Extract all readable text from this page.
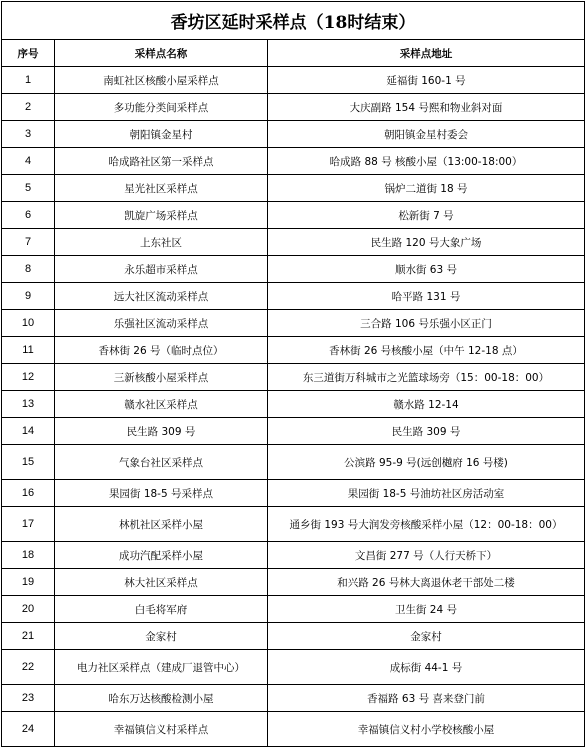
香坊区延时采样点（18时结束）
序号	采样点名称	采样点地址
1	南虹社区核酸小屋采样点	延福街 160-1 号
2	多功能分类间采样点	大庆副路 154 号熙和物业斜对面
3	朝阳镇金星村	朝阳镇金星村委会
4	哈成路社区第一采样点	哈成路 88 号 核酸小屋（13:00-18:00）
5	星光社区采样点	锅炉二道街 18 号
6	凯旋广场采样点	松新街 7 号
7	上东社区	民生路 120 号大象广场
8	永乐超市采样点	顺水街 63 号
9	远大社区流动采样点	哈平路 131 号
10	乐强社区流动采样点	三合路 106 号乐强小区正门
11	香林街 26 号（临时点位）	香林街 26 号核酸小屋（中午 12-18 点）
12	三新核酸小屋采样点	东三道街万科城市之光篮球场旁（15：00-18：00）
13	赣水社区采样点	赣水路 12-14
14	民生路 309 号	民生路 309 号
15	气象台社区采样点	公滨路 95-9 号(远创樾府 16 号楼)
16	果园街 18-5 号采样点	果园街 18-5 号油坊社区房活动室
17	林机社区采样小屋	通乡街 193 号大润发旁核酸采样小屋（12：00-18：00）
18	成功汽配采样小屋	文昌街 277 号（人行天桥下）
19	林大社区采样点	和兴路 26 号林大离退休老干部处二楼
20	白毛将军府	卫生街 24 号
21	金家村	金家村
22	电力社区采样点（建成厂退管中心）	成标街 44-1 号
23	哈东万达核酸检测小屋	香福路 63 号 喜来登门前
24	幸福镇信义村采样点	幸福镇信义村小学校核酸小屋
